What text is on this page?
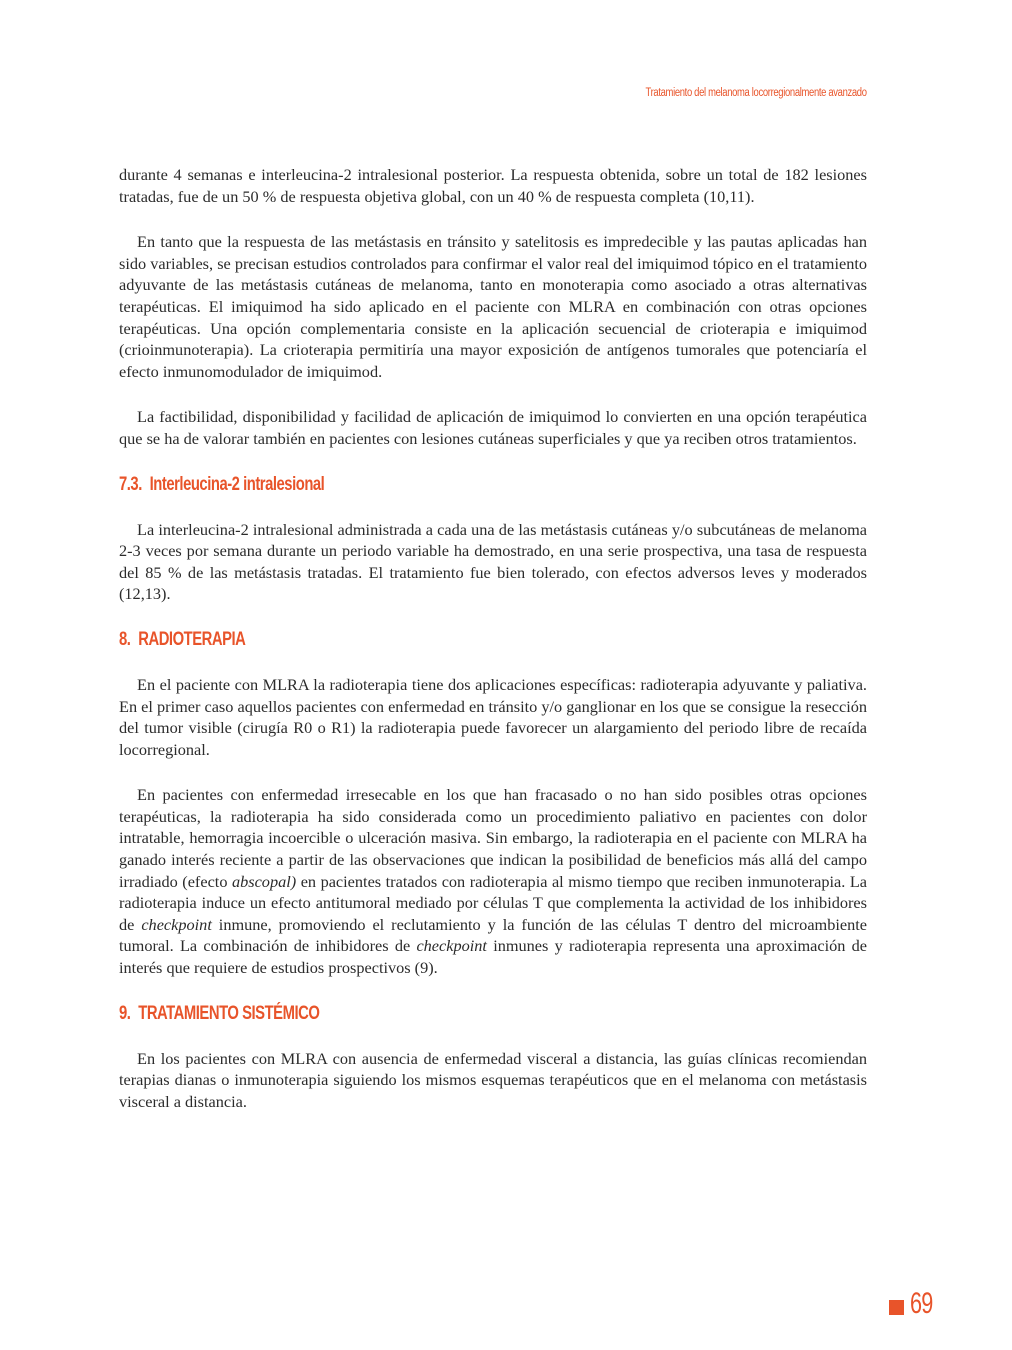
Tratamiento del melanoma locorregionalmente avanzado

durante 4 semanas e interleucina-2 intralesional posterior. La respuesta obtenida, sobre un total de 182 lesiones tratadas, fue de un 50 % de respuesta objetiva global, con un 40 % de respuesta completa (10,11).

En tanto que la respuesta de las metástasis en tránsito y satelitosis es impredecible y las pautas aplicadas han sido variables, se precisan estudios controlados para confirmar el valor real del imiquimod tópico en el tratamiento adyuvante de las metástasis cutáneas de melanoma, tanto en monoterapia como asociado a otras alternativas terapéuticas. El imiquimod ha sido aplicado en el paciente con MLRA en combinación con otras opciones terapéuticas. Una opción complementaria consiste en la aplicación secuencial de crioterapia e imiquimod (crioinmunoterapia). La crioterapia permitiría una mayor exposición de antígenos tumorales que potenciaría el efecto inmunomodulador de imiquimod.

La factibilidad, disponibilidad y facilidad de aplicación de imiquimod lo convierten en una opción terapéutica que se ha de valorar también en pacientes con lesiones cutáneas superficiales y que ya reciben otros tratamientos.

7.3. Interleucina-2 intralesional

La interleucina-2 intralesional administrada a cada una de las metástasis cutáneas y/o subcutáneas de melanoma 2-3 veces por semana durante un periodo variable ha demostrado, en una serie prospectiva, una tasa de respuesta del 85 % de las metástasis tratadas. El tratamiento fue bien tolerado, con efectos adversos leves y moderados (12,13).

8. RADIOTERAPIA

En el paciente con MLRA la radioterapia tiene dos aplicaciones específicas: radioterapia adyuvante y paliativa. En el primer caso aquellos pacientes con enfermedad en tránsito y/o ganglionar en los que se consigue la resección del tumor visible (cirugía R0 o R1) la radioterapia puede favorecer un alargamiento del periodo libre de recaída locorregional.

En pacientes con enfermedad irresecable en los que han fracasado o no han sido posibles otras opciones terapéuticas, la radioterapia ha sido considerada como un procedimiento paliativo en pacientes con dolor intratable, hemorragia incoercible o ulceración masiva. Sin embargo, la radioterapia en el paciente con MLRA ha ganado interés reciente a partir de las observaciones que indican la posibilidad de beneficios más allá del campo irradiado (efecto abscopal) en pacientes tratados con radioterapia al mismo tiempo que reciben inmunoterapia. La radioterapia induce un efecto antitumoral mediado por células T que complementa la actividad de los inhibidores de checkpoint inmune, promoviendo el reclutamiento y la función de las células T dentro del microambiente tumoral. La combinación de inhibidores de checkpoint inmunes y radioterapia representa una aproximación de interés que requiere de estudios prospectivos (9).

9. TRATAMIENTO SISTÉMICO

En los pacientes con MLRA con ausencia de enfermedad visceral a distancia, las guías clínicas recomiendan terapias dianas o inmunoterapia siguiendo los mismos esquemas terapéuticos que en el melanoma con metástasis visceral a distancia.

69
